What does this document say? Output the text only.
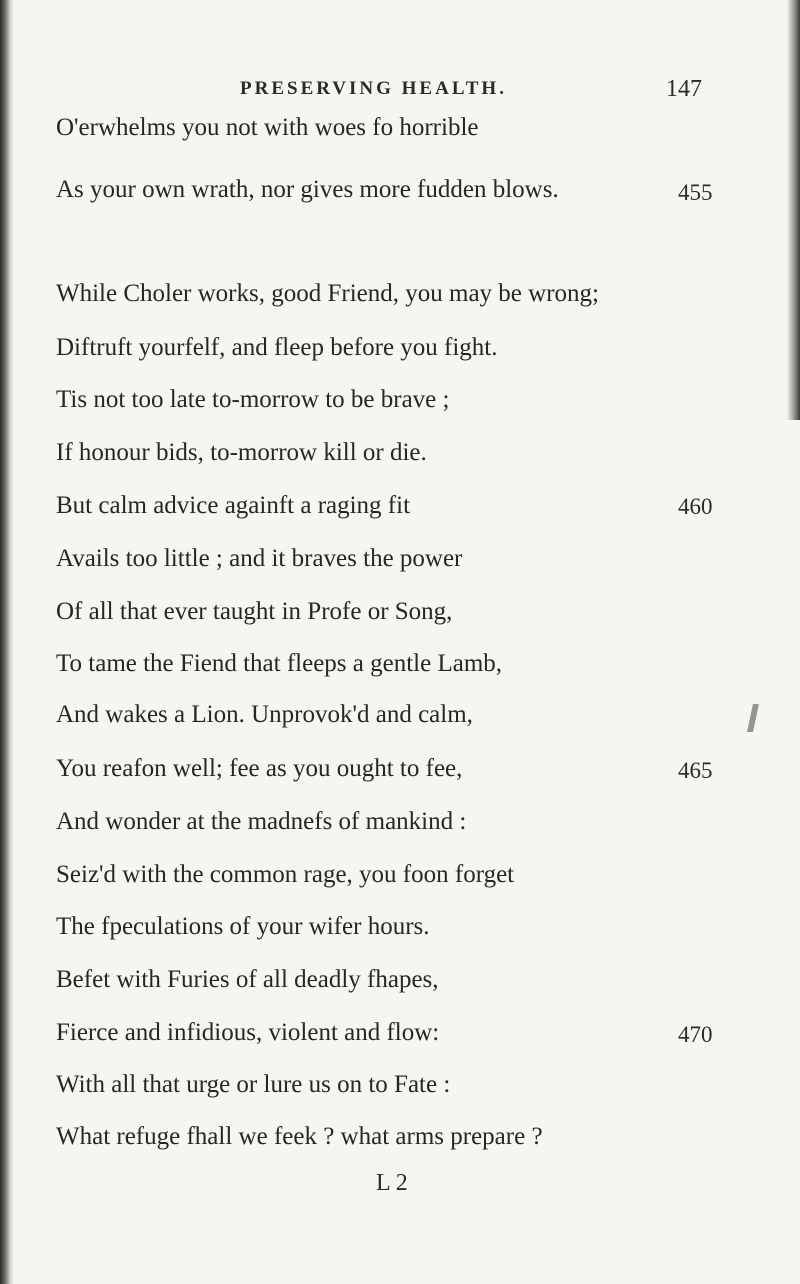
PRESERVING HEALTH.	147
O'erwhelms you not with woes fo horrible
As your own wrath, nor gives more fudden blows.	455
While Choler works, good Friend, you may be wrong;
Diftruft yourfelf, and fleep before you fight.
Tis not too late to-morrow to be brave ;
If honour bids, to-morrow kill or die.
But calm advice againft a raging fit	460
Avails too little ; and it braves the power
Of all that ever taught in Profe or Song,
To tame the Fiend that fleeps a gentle Lamb,
And wakes a Lion. Unprovok'd and calm,
You reafon well; fee as you ought to fee,	465
And wonder at the madnefs of mankind :
Seiz'd with the common rage, you foon forget
The fpeculations of your wifer hours.
Befet with Furies of all deadly fhapes,
Fierce and infidious, violent and flow:	470
With all that urge or lure us on to Fate :
What refuge fhall we feek ? what arms prepare ?
L 2
